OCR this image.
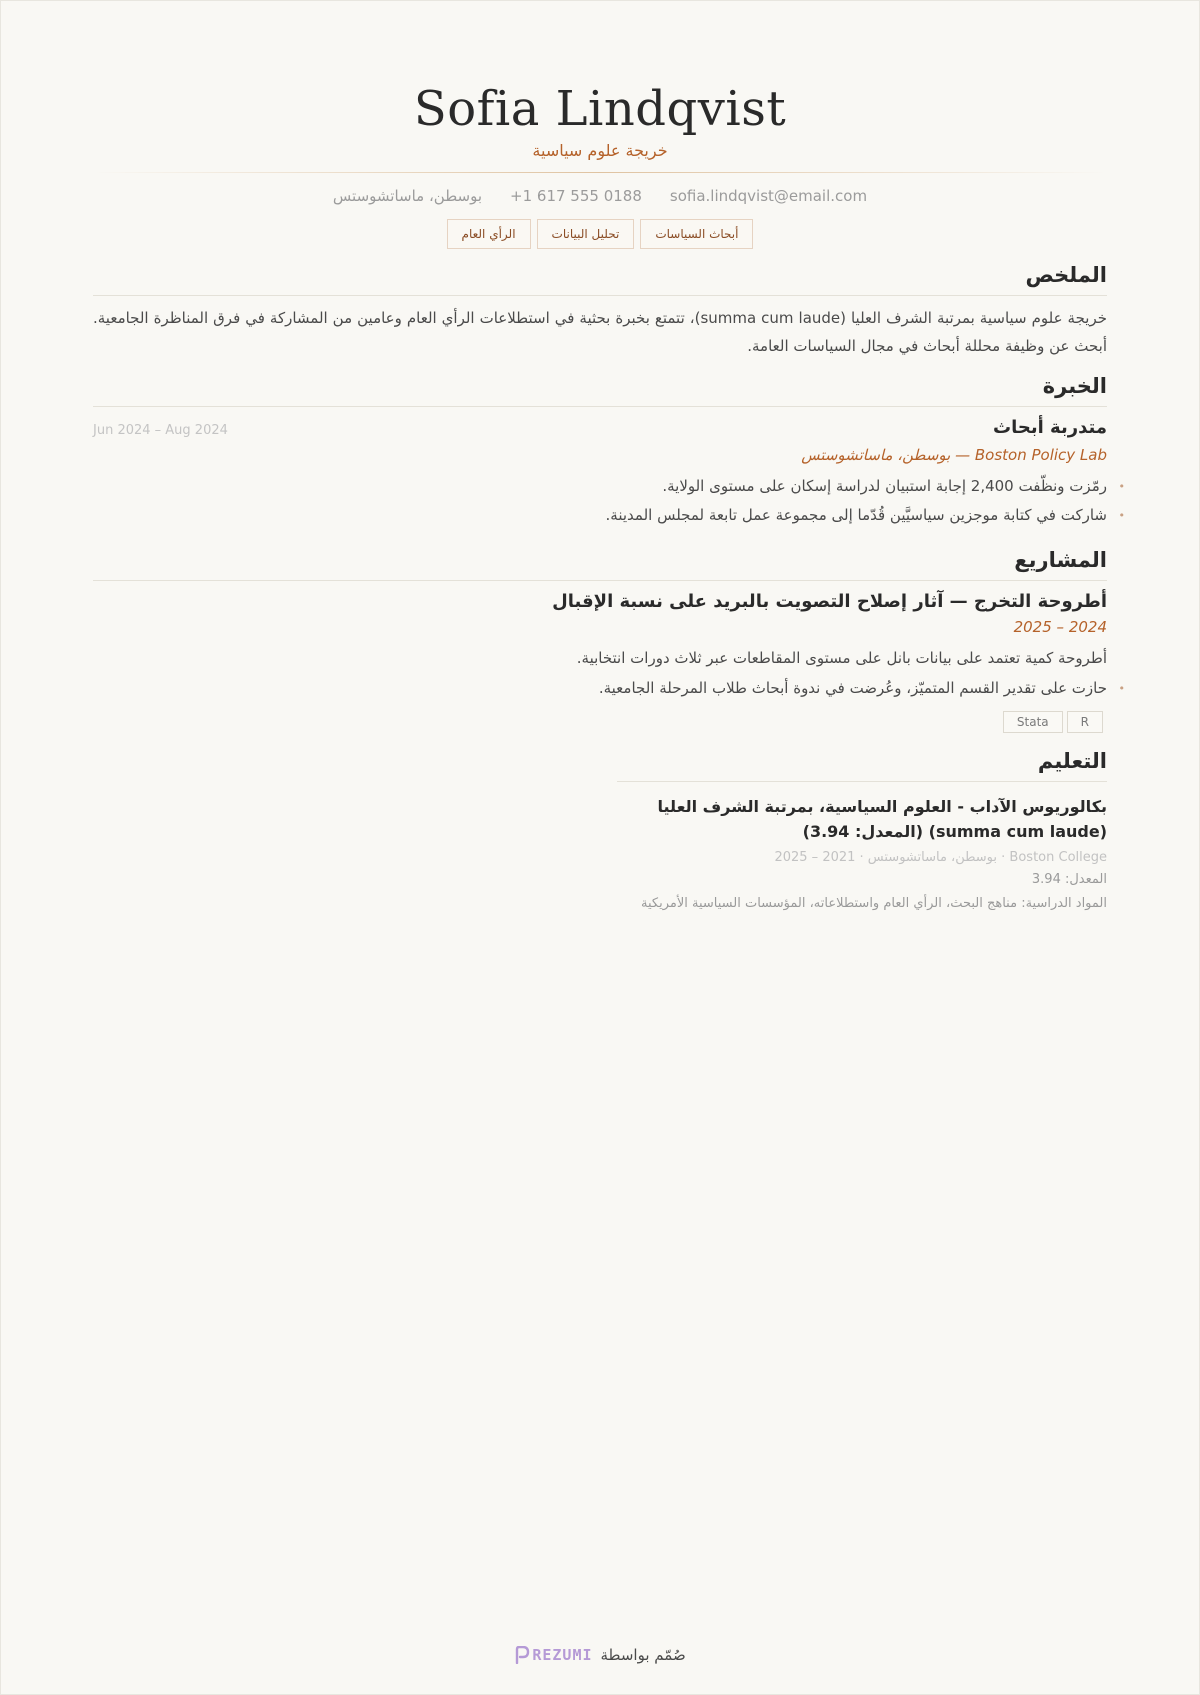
Sofia Lindqvist
خريجة علوم سياسية
بوسطن، ماساتشوستس +1 617 555 0188 sofia.lindqvist@email.com
أبحاث السياسات
تحليل البيانات
الرأي العام
الملخص

خريجة علوم سياسية بمرتبة الشرف العليا (summa cum laude)، تتمتع بخبرة بحثية في استطلاعات الرأي العام وعامين من المشاركة في فرق المناظرة الجامعية. أبحث عن وظيفة محللة أبحاث في مجال السياسات العامة.

الخبرة
متدربة أبحاث
Jun 2024 – Aug 2024
Boston Policy Lab — بوسطن، ماساتشوستس
• رمّزت ونظّفت 2,400 إجابة استبيان لدراسة إسكان على مستوى الولاية.
• شاركت في كتابة موجزين سياسيَّين قُدّما إلى مجموعة عمل تابعة لمجلس المدينة.
المشاريع
أطروحة التخرج — آثار إصلاح التصويت بالبريد على نسبة الإقبال
2024 – 2025
أطروحة كمية تعتمد على بيانات بانل على مستوى المقاطعات عبر ثلاث دورات انتخابية.
• حازت على تقدير القسم المتميّز، وعُرضت في ندوة أبحاث طلاب المرحلة الجامعية.
R
Stata
التعليم
بكالوريوس الآداب - العلوم السياسية، بمرتبة الشرف العليا (summa cum laude) (المعدل: 3.94)
Boston College · بوسطن، ماساتشوستس · 2021 – 2025
المعدل: 3.94
المواد الدراسية: مناهج البحث، الرأي العام واستطلاعاته، المؤسسات السياسية الأمريكية
صُمّم بواسطة
REZUMI
